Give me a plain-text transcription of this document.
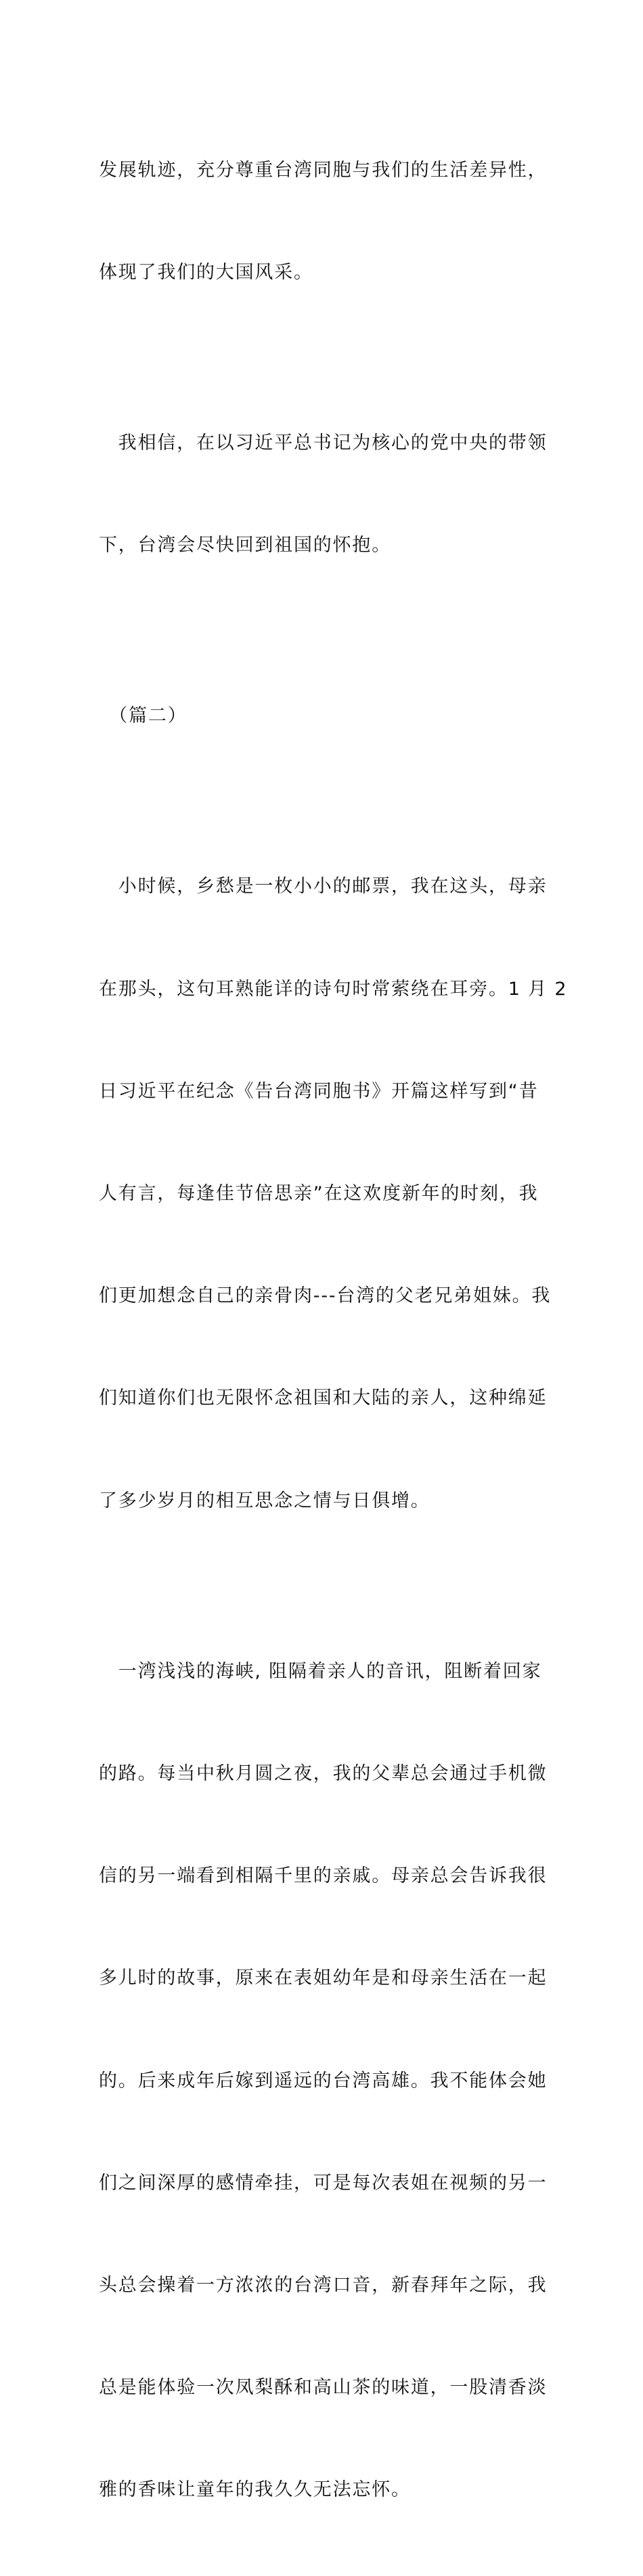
发展轨迹，充分尊重台湾同胞与我们的生活差异性，

体现了我们的大国风采。

　我相信，在以习近平总书记为核心的党中央的带领

下，台湾会尽快回到祖国的怀抱。

　（篇二）

　小时候，乡愁是一枚小小的邮票，我在这头，母亲

在那头，这句耳熟能详的诗句时常萦绕在耳旁。1 月 2

日习近平在纪念《告台湾同胞书》开篇这样写到“昔

人有言，每逢佳节倍思亲”在这欢度新年的时刻，我

们更加想念自己的亲骨肉---台湾的父老兄弟姐妹。我

们知道你们也无限怀念祖国和大陆的亲人，这种绵延

了多少岁月的相互思念之情与日俱增。

　一湾浅浅的海峡, 阻隔着亲人的音讯，阻断着回家

的路。每当中秋月圆之夜，我的父辈总会通过手机微

信的另一端看到相隔千里的亲戚。母亲总会告诉我很

多儿时的故事，原来在表姐幼年是和母亲生活在一起

的。后来成年后嫁到遥远的台湾高雄。我不能体会她

们之间深厚的感情牵挂，可是每次表姐在视频的另一

头总会操着一方浓浓的台湾口音，新春拜年之际，我

总是能体验一次凤梨酥和高山茶的味道，一股清香淡

雅的香味让童年的我久久无法忘怀。
